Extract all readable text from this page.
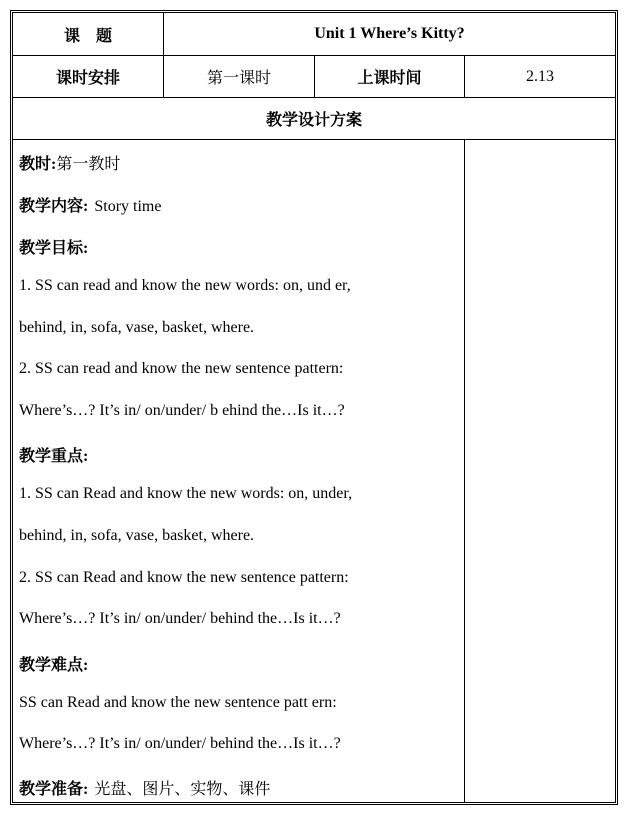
课　题	Unit 1 Where’s Kitty?
课时安排	第一课时	上课时间	2.13
教学设计方案
教时:第一教时
教学内容: Story time
教学目标:
1. SS can read and know the new words: on, und er,
behind, in, sofa, vase, basket, where.
2. SS can read and know the new sentence pattern:
Where’s…? It’s in/ on/under/ b ehind the…Is it…?
教学重点:
1. SS can Read and know the new words: on, under,
behind, in, sofa, vase, basket, where.
2. SS can Read and know the new sentence pattern:
Where’s…? It’s in/ on/under/ behind the…Is it…?
教学难点:
SS can Read and know the new sentence patt ern:
Where’s…? It’s in/ on/under/ behind the…Is it…?
教学准备: 光盘、图片、实物、课件
